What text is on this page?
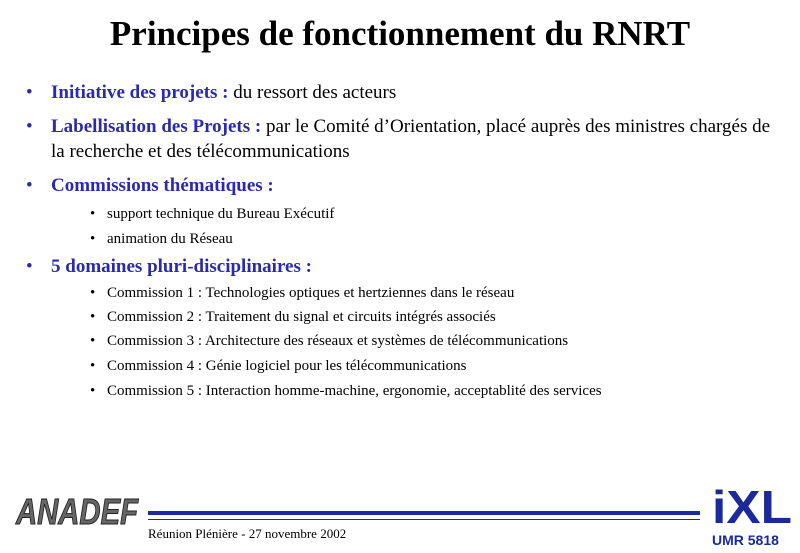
Principes de fonctionnement du RNRT
• Initiative des projets : du ressort des acteurs
• Labellisation des Projets : par le Comité d’Orientation, placé auprès des ministres chargés de la recherche et des télécommunications
• Commissions thématiques :
• support technique du Bureau Exécutif
• animation du Réseau
• 5 domaines pluri-disciplinaires :
• Commission 1 : Technologies optiques et hertziennes dans le réseau
• Commission 2 : Traitement du signal et circuits intégrés associés
• Commission 3 : Architecture des réseaux et systèmes de télécommunications
• Commission 4 : Génie logiciel pour les télécommunications
• Commission 5 : Interaction homme-machine, ergonomie, acceptablité des services
ANADEF
Réunion Plénière - 27 novembre 2002
iXL
UMR 5818
